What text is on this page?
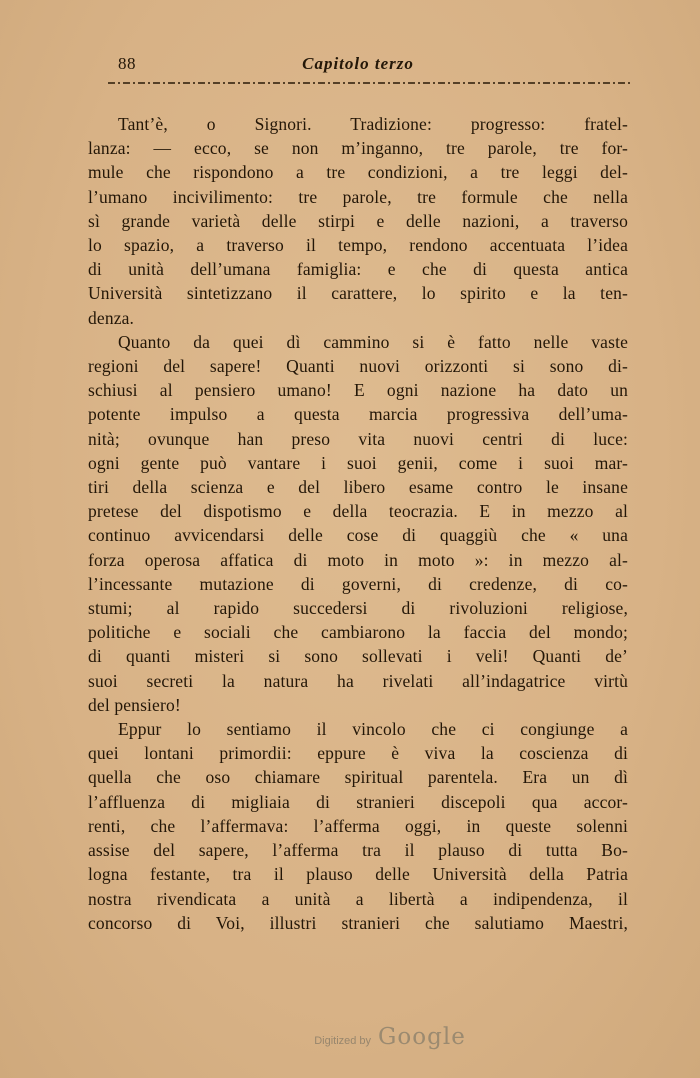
88	Capitolo terzo
Tant’è, o Signori. Tradizione: progresso: fratel-
lanza: — ecco, se non m’inganno, tre parole, tre for-
mule che rispondono a tre condizioni, a tre leggi del-
l’umano incivilimento: tre parole, tre formule che nella
sì grande varietà delle stirpi e delle nazioni, a traverso
lo spazio, a traverso il tempo, rendono accentuata l’idea
di unità dell’umana famiglia: e che di questa antica
Università sintetizzano il carattere, lo spirito e la ten-
denza.
Quanto da quei dì cammino si è fatto nelle vaste
regioni del sapere! Quanti nuovi orizzonti si sono di-
schiusi al pensiero umano! E ogni nazione ha dato un
potente impulso a questa marcia progressiva dell’uma-
nità; ovunque han preso vita nuovi centri di luce:
ogni gente può vantare i suoi genii, come i suoi mar-
tiri della scienza e del libero esame contro le insane
pretese del dispotismo e della teocrazia. E in mezzo al
continuo avvicendarsi delle cose di quaggiù che « una
forza operosa affatica di moto in moto »: in mezzo al-
l’incessante mutazione di governi, di credenze, di co-
stumi; al rapido succedersi di rivoluzioni religiose,
politiche e sociali che cambiarono la faccia del mondo;
di quanti misteri si sono sollevati i veli! Quanti de’
suoi secreti la natura ha rivelati all’indagatrice virtù
del pensiero!
Eppur lo sentiamo il vincolo che ci congiunge a
quei lontani primordii: eppure è viva la coscienza di
quella che oso chiamare spiritual parentela. Era un dì
l’affluenza di migliaia di stranieri discepoli qua accor-
renti, che l’affermava: l’afferma oggi, in queste solenni
assise del sapere, l’afferma tra il plauso di tutta Bo-
logna festante, tra il plauso delle Università della Patria
nostra rivendicata a unità a libertà a indipendenza, il
concorso di Voi, illustri stranieri che salutiamo Maestri,
Digitized by Google
